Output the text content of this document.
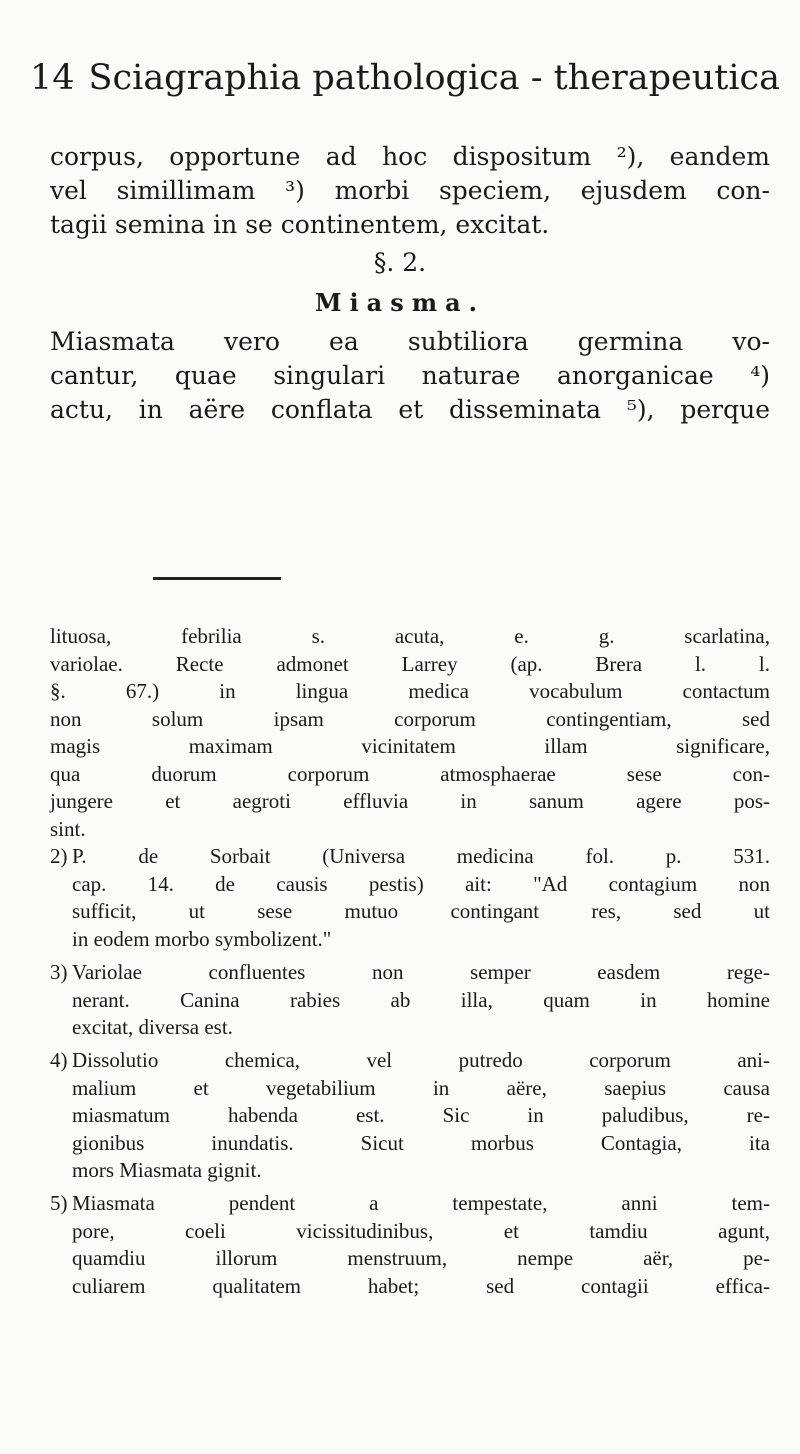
14 Sciagraphia pathologica - therapeutica
corpus, opportune ad hoc dispositum ²), eandem
vel simillimam ³) morbi speciem, ejusdem con-
tagii semina in se continentem, excitat.
§. 2.
Miasma.
Miasmata vero ea subtiliora germina vo-
cantur, quae singulari naturae anorganicae ⁴)
actu, in aëre conflata et disseminata ⁵), perque
lituosa, febrilia s. acuta, e. g. scarlatina,
variolae. Recte admonet Larrey (ap. Brera l. l.
§. 67.) in lingua medica vocabulum contactum
non solum ipsam corporum contingentiam, sed
magis maximam vicinitatem illam significare,
qua duorum corporum atmosphaerae sese con-
jungere et aegroti effluvia in sanum agere pos-
sint.
2) P. de Sorbait (Universa medicina fol. p. 531.
cap. 14. de causis pestis) ait: "Ad contagium non
sufficit, ut sese mutuo contingant res, sed ut
in eodem morbo symbolizent."
3) Variolae confluentes non semper easdem rege-
nerant. Canina rabies ab illa, quam in homine
excitat, diversa est.
4) Dissolutio chemica, vel putredo corporum ani-
malium et vegetabilium in aëre, saepius causa
miasmatum habenda est. Sic in paludibus, re-
gionibus inundatis. Sicut morbus Contagia, ita
mors Miasmata gignit.
5) Miasmata pendent a tempestate, anni tem-
pore, coeli vicissitudinibus, et tamdiu agunt,
quamdiu illorum menstruum, nempe aër, pe-
culiarem qualitatem habet; sed contagii effica-
